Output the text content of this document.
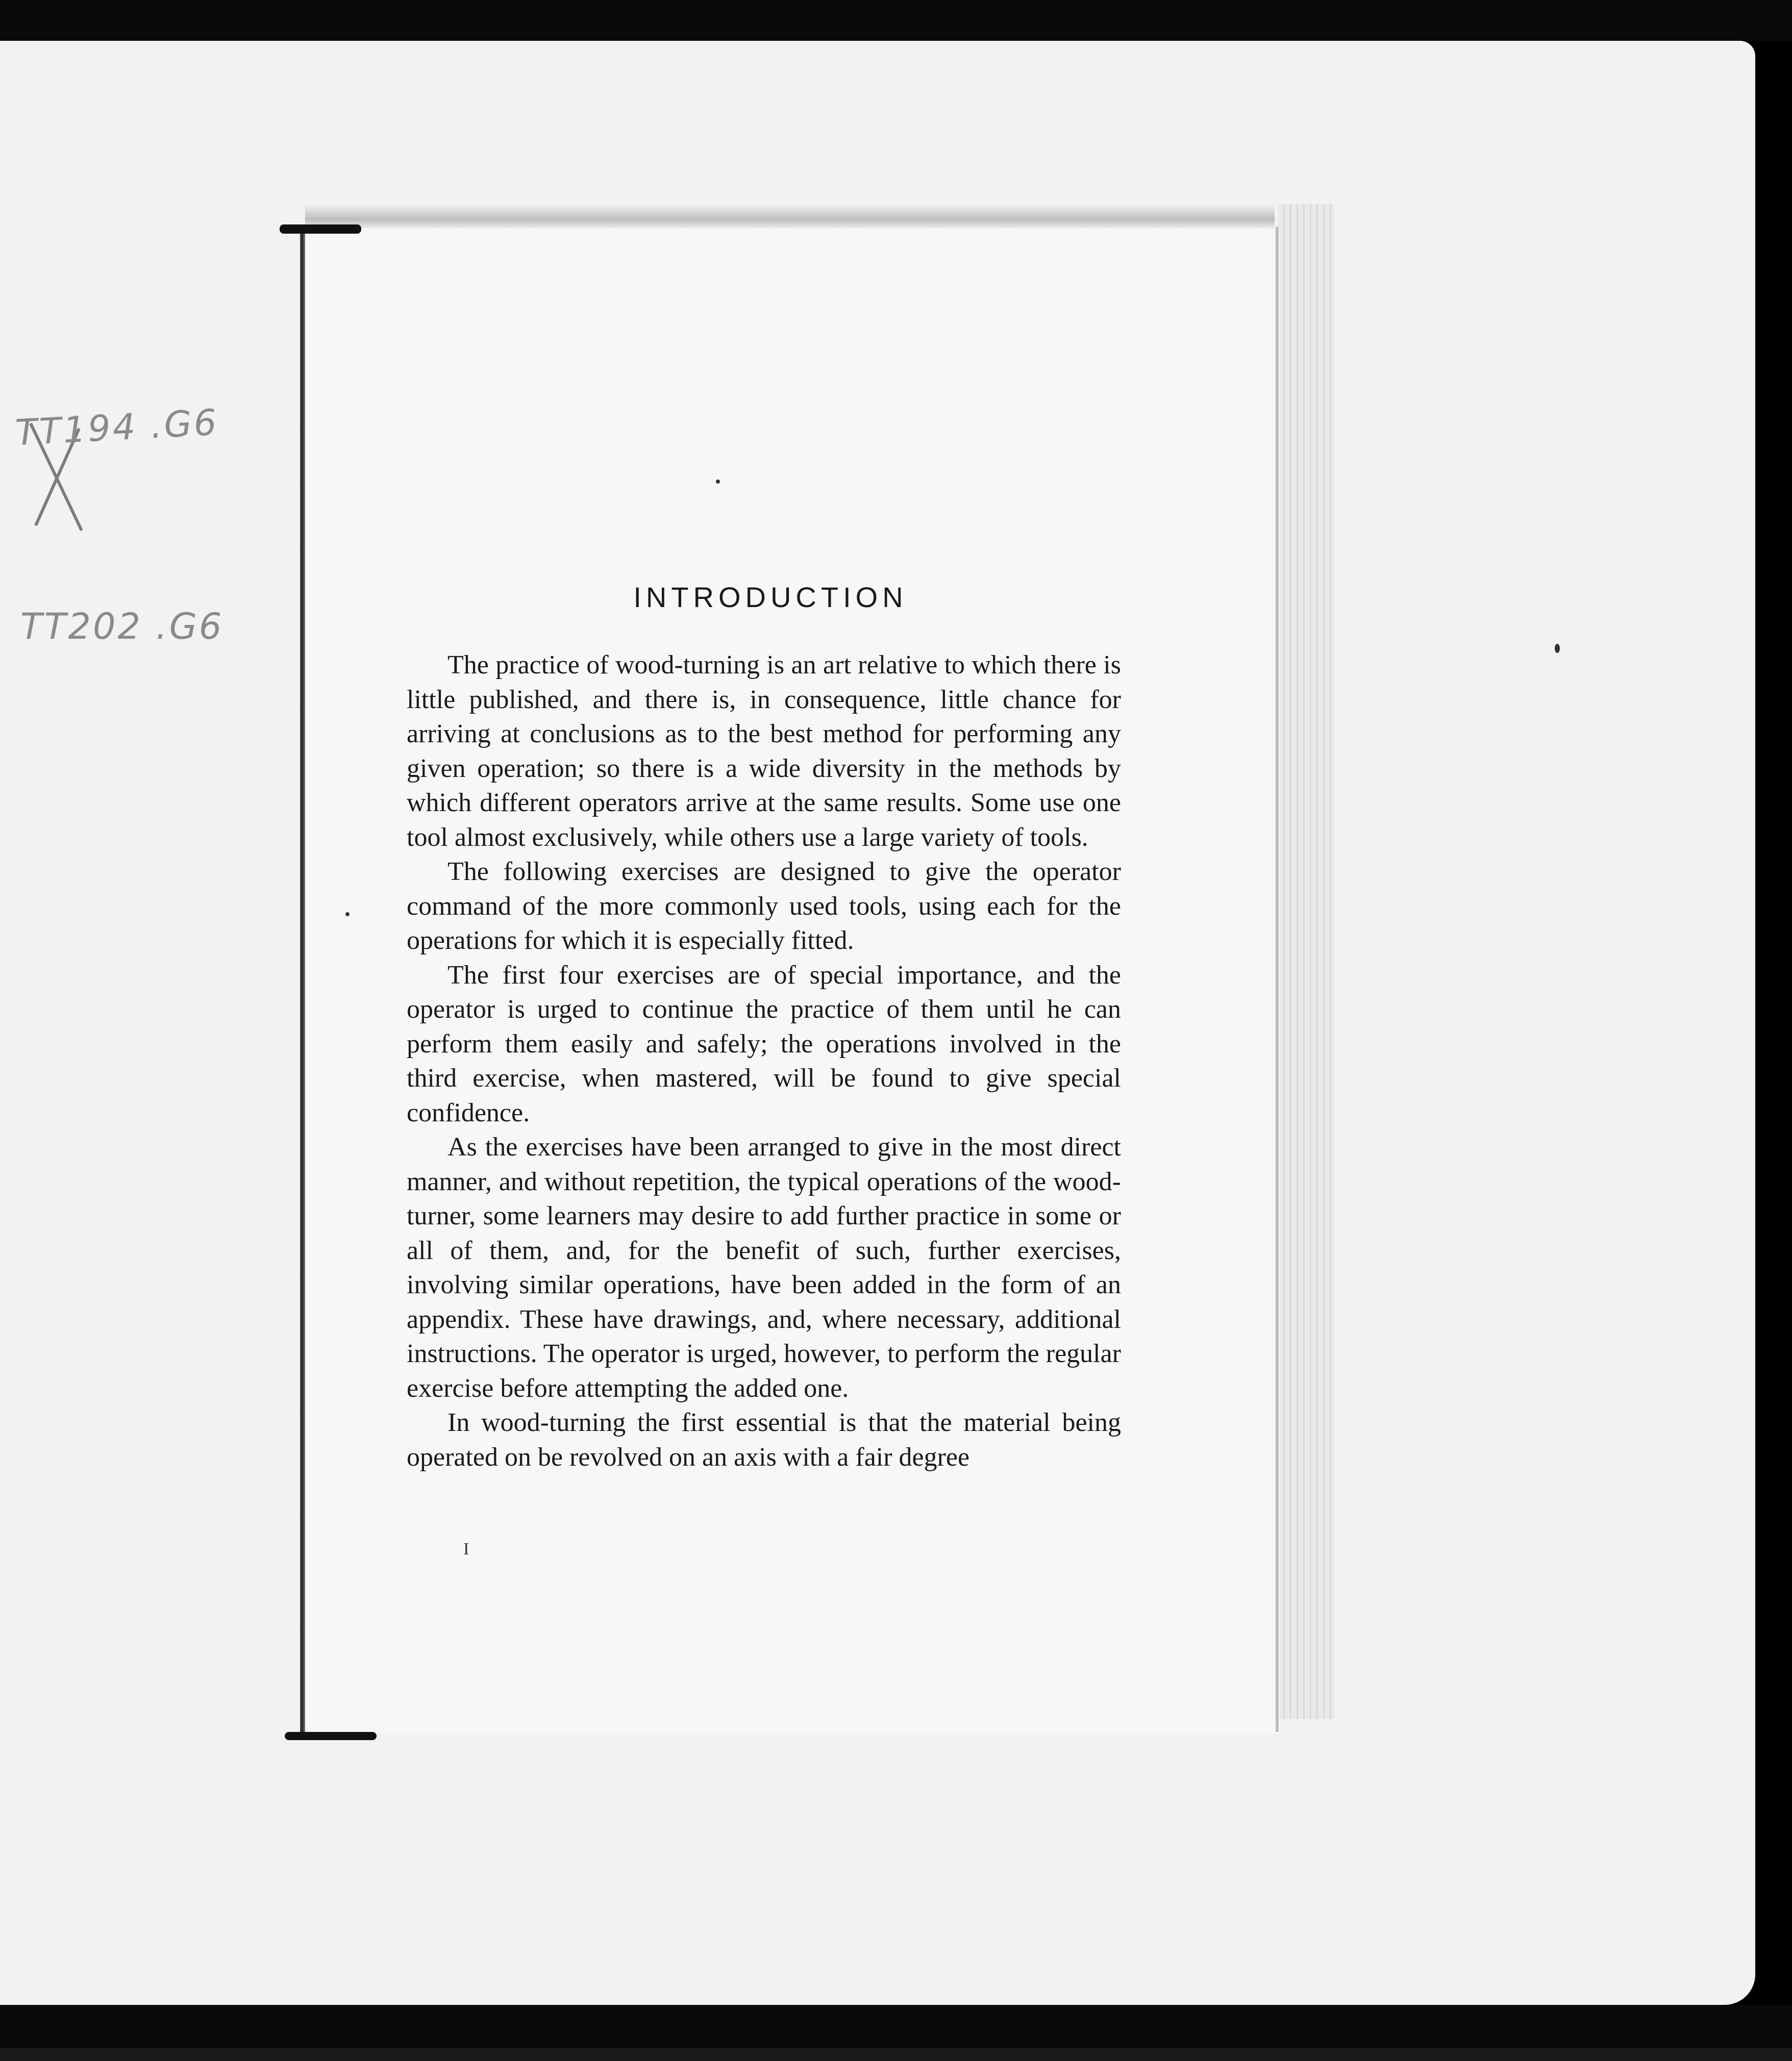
TT194 .G6
TT202 .G6
INTRODUCTION

The practice of wood-turning is an art relative to which there is little published, and there is, in consequence, little chance for arriving at conclusions as to the best method for performing any given operation; so there is a wide diversity in the methods by which different operators arrive at the same results. Some use one tool almost exclusively, while others use a large variety of tools.

The following exercises are designed to give the operator command of the more commonly used tools, using each for the operations for which it is especially fitted.

The first four exercises are of special importance, and the operator is urged to continue the practice of them until he can perform them easily and safely; the operations involved in the third exercise, when mastered, will be found to give special confidence.

As the exercises have been arranged to give in the most direct manner, and without repetition, the typical operations of the wood-turner, some learners may desire to add further practice in some or all of them, and, for the benefit of such, further exercises, involving similar operations, have been added in the form of an appendix. These have drawings, and, where necessary, additional instructions. The operator is urged, however, to perform the regular exercise before attempting the added one.

In wood-turning the first essential is that the material being operated on be revolved on an axis with a fair degree

I
